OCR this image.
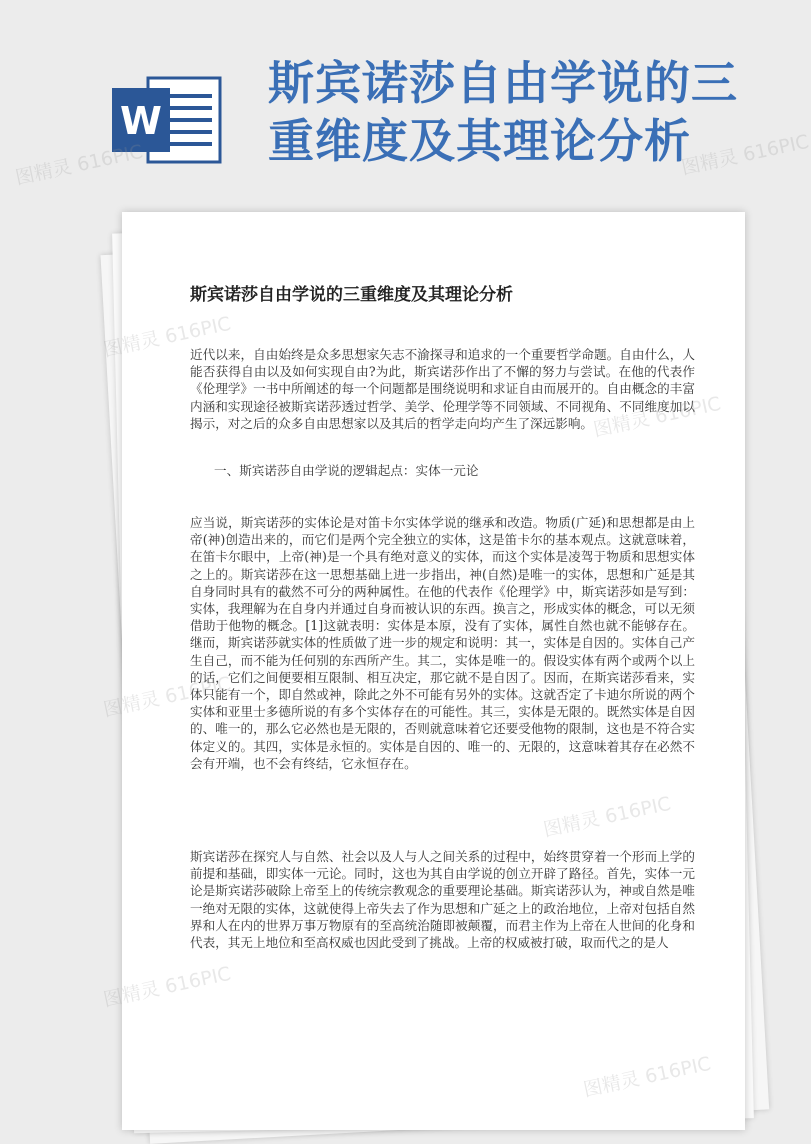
W
斯宾诺莎自由学说的三重维度及其理论分析
斯宾诺莎自由学说的三重维度及其理论分析

近代以来，自由始终是众多思想家矢志不渝探寻和追求的一个重要哲学命题。自由什么，人能否获得自由以及如何实现自由?为此，斯宾诺莎作出了不懈的努力与尝试。在他的代表作《伦理学》一书中所阐述的每一个问题都是围绕说明和求证自由而展开的。自由概念的丰富内涵和实现途径被斯宾诺莎透过哲学、美学、伦理学等不同领域、不同视角、不同维度加以揭示，对之后的众多自由思想家以及其后的哲学走向均产生了深远影响。

一、斯宾诺莎自由学说的逻辑起点：实体一元论

应当说，斯宾诺莎的实体论是对笛卡尔实体学说的继承和改造。物质(广延)和思想都是由上帝(神)创造出来的，而它们是两个完全独立的实体，这是笛卡尔的基本观点。这就意味着，在笛卡尔眼中，上帝(神)是一个具有绝对意义的实体，而这个实体是凌驾于物质和思想实体之上的。斯宾诺莎在这一思想基础上进一步指出，神(自然)是唯一的实体，思想和广延是其自身同时具有的截然不可分的两种属性。在他的代表作《伦理学》中，斯宾诺莎如是写到：实体，我理解为在自身内并通过自身而被认识的东西。换言之，形成实体的概念，可以无须借助于他物的概念。[1]这就表明：实体是本原，没有了实体，属性自然也就不能够存在。继而，斯宾诺莎就实体的性质做了进一步的规定和说明：其一，实体是自因的。实体自己产生自己，而不能为任何别的东西所产生。其二，实体是唯一的。假设实体有两个或两个以上的话，它们之间便要相互限制、相互决定，那它就不是自因了。因而，在斯宾诺莎看来，实体只能有一个，即自然或神，除此之外不可能有另外的实体。这就否定了卡迪尔所说的两个实体和亚里士多德所说的有多个实体存在的可能性。其三，实体是无限的。既然实体是自因的、唯一的，那么它必然也是无限的，否则就意味着它还要受他物的限制，这也是不符合实体定义的。其四，实体是永恒的。实体是自因的、唯一的、无限的，这意味着其存在必然不会有开端，也不会有终结，它永恒存在。

斯宾诺莎在探究人与自然、社会以及人与人之间关系的过程中，始终贯穿着一个形而上学的前提和基础，即实体一元论。同时，这也为其自由学说的创立开辟了路径。首先，实体一元论是斯宾诺莎破除上帝至上的传统宗教观念的重要理论基础。斯宾诺莎认为，神或自然是唯一绝对无限的实体，这就使得上帝失去了作为思想和广延之上的政治地位，上帝对包括自然界和人在内的世界万事万物原有的至高统治随即被颠覆，而君主作为上帝在人世间的化身和代表，其无上地位和至高权威也因此受到了挑战。上帝的权威被打破，取而代之的是人

图精灵 616PIC
图精灵 616PIC
图精灵 616PIC
图精灵 616PIC
图精灵 616PIC
图精灵 616PIC
图精灵 616PIC	图精灵 616PIC
